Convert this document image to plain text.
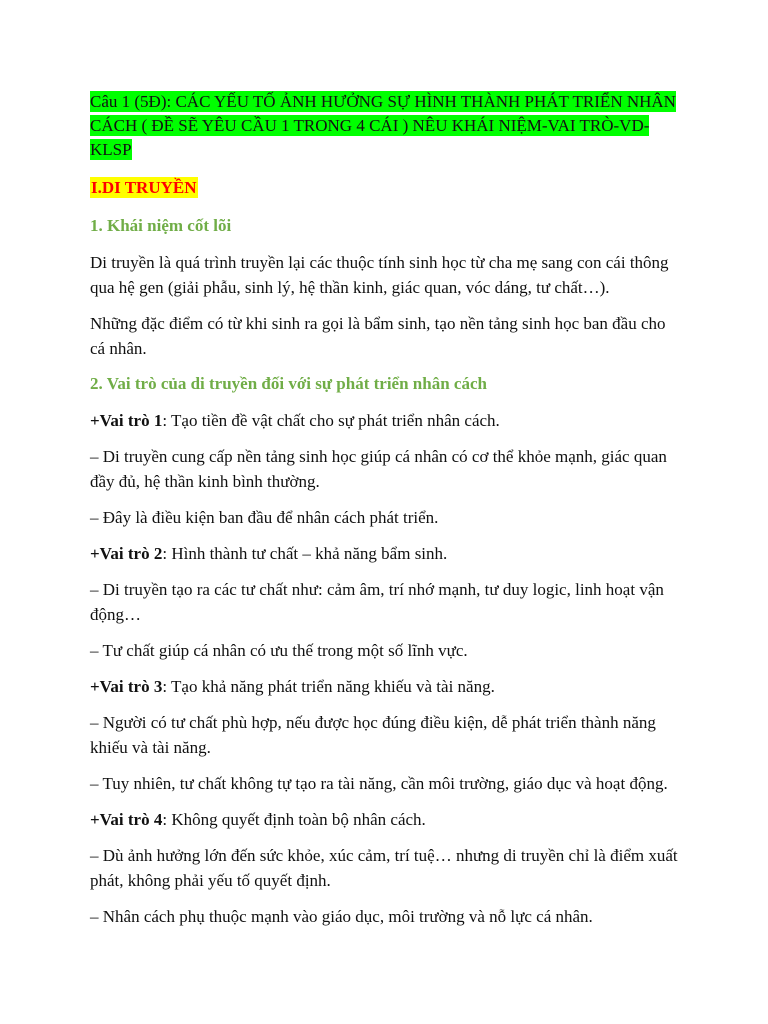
Câu 1 (5Đ): CÁC YẾU TỐ ẢNH HƯỞNG SỰ HÌNH THÀNH PHÁT TRIỂN NHÂN CÁCH ( ĐỀ SẼ YÊU CẦU 1 TRONG 4 CÁI ) NÊU KHÁI NIỆM-VAI TRÒ-VD-KLSP
I.DI TRUYỀN
1. Khái niệm cốt lõi
Di truyền là quá trình truyền lại các thuộc tính sinh học từ cha mẹ sang con cái thông qua hệ gen (giải phẫu, sinh lý, hệ thần kinh, giác quan, vóc dáng, tư chất…).
Những đặc điểm có từ khi sinh ra gọi là bẩm sinh, tạo nền tảng sinh học ban đầu cho cá nhân.
2. Vai trò của di truyền đối với sự phát triển nhân cách
+Vai trò 1: Tạo tiền đề vật chất cho sự phát triển nhân cách.
– Di truyền cung cấp nền tảng sinh học giúp cá nhân có cơ thể khỏe mạnh, giác quan đầy đủ, hệ thần kinh bình thường.
– Đây là điều kiện ban đầu để nhân cách phát triển.
+Vai trò 2: Hình thành tư chất – khả năng bẩm sinh.
– Di truyền tạo ra các tư chất như: cảm âm, trí nhớ mạnh, tư duy logic, linh hoạt vận động…
– Tư chất giúp cá nhân có ưu thế trong một số lĩnh vực.
+Vai trò 3: Tạo khả năng phát triển năng khiếu và tài năng.
– Người có tư chất phù hợp, nếu được học đúng điều kiện, dễ phát triển thành năng khiếu và tài năng.
– Tuy nhiên, tư chất không tự tạo ra tài năng, cần môi trường, giáo dục và hoạt động.
+Vai trò 4: Không quyết định toàn bộ nhân cách.
– Dù ảnh hưởng lớn đến sức khỏe, xúc cảm, trí tuệ… nhưng di truyền chỉ là điểm xuất phát, không phải yếu tố quyết định.
– Nhân cách phụ thuộc mạnh vào giáo dục, môi trường và nỗ lực cá nhân.
